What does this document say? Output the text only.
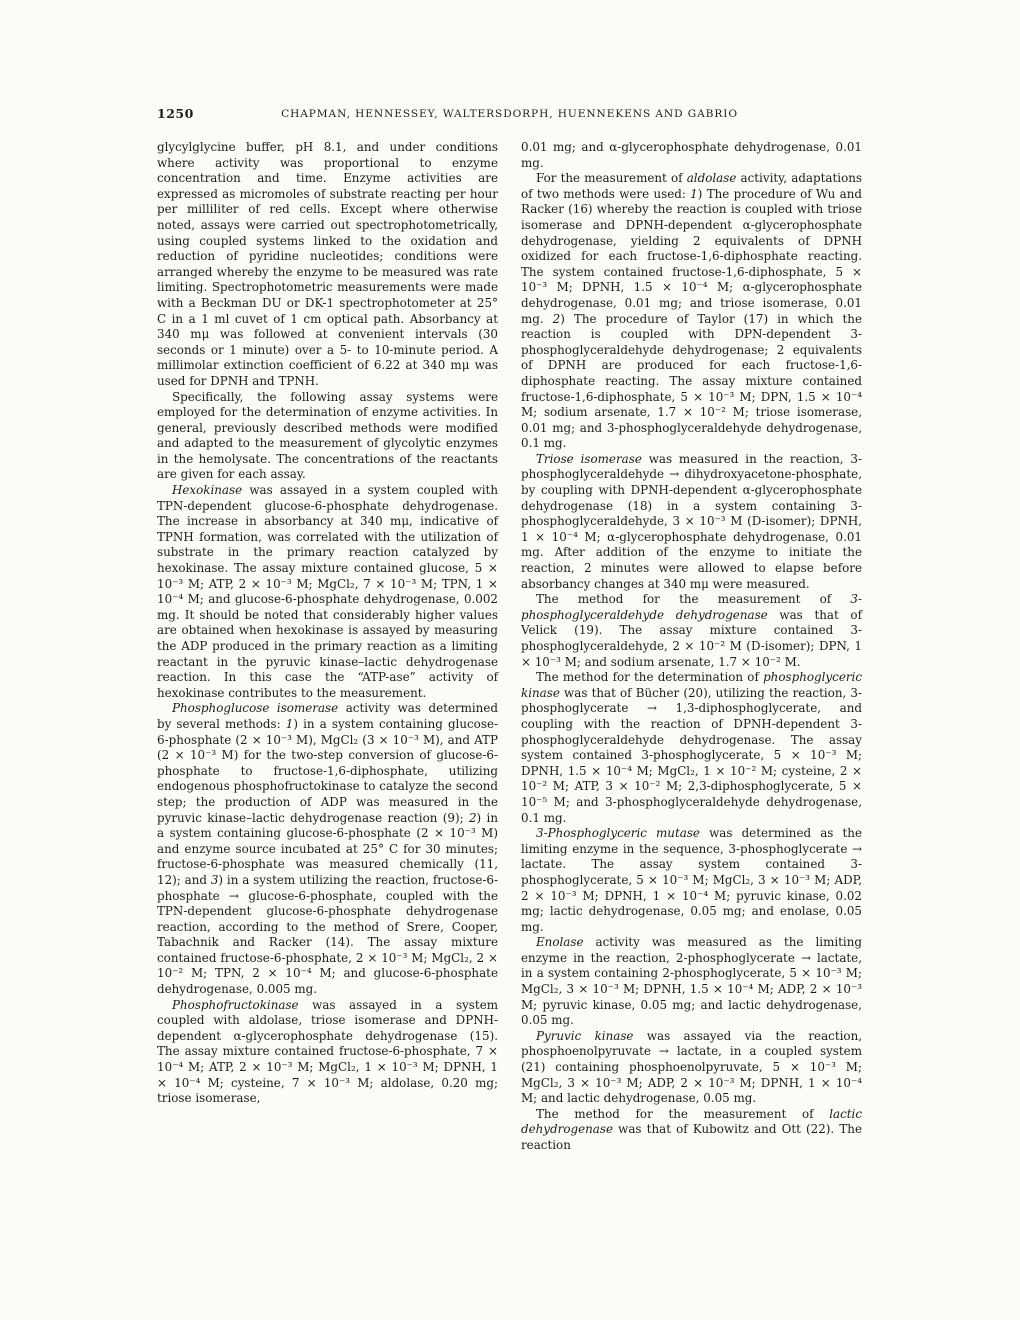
1250	CHAPMAN, HENNESSEY, WALTERSDORPH, HUENNEKENS AND GABRIO

glycylglycine buffer, pH 8.1, and under conditions where activity was proportional to enzyme concentration and time. Enzyme activities are expressed as micromoles of substrate reacting per hour per milliliter of red cells. Except where otherwise noted, assays were carried out spectrophotometrically, using coupled systems linked to the oxidation and reduction of pyridine nucleotides; conditions were arranged whereby the enzyme to be measured was rate limiting. Spectrophotometric measurements were made with a Beckman DU or DK-1 spectrophotometer at 25° C in a 1 ml cuvet of 1 cm optical path. Absorbancy at 340 mμ was followed at convenient intervals (30 seconds or 1 minute) over a 5- to 10-minute period. A millimolar extinction coefficient of 6.22 at 340 mμ was used for DPNH and TPNH.

Specifically, the following assay systems were employed for the determination of enzyme activities. In general, previously described methods were modified and adapted to the measurement of glycolytic enzymes in the hemolysate. The concentrations of the reactants are given for each assay.

Hexokinase was assayed in a system coupled with TPN-dependent glucose-6-phosphate dehydrogenase. The increase in absorbancy at 340 mμ, indicative of TPNH formation, was correlated with the utilization of substrate in the primary reaction catalyzed by hexokinase. The assay mixture contained glucose, 5 × 10⁻³ M; ATP, 2 × 10⁻³ M; MgCl₂, 7 × 10⁻³ M; TPN, 1 × 10⁻⁴ M; and glucose-6-phosphate dehydrogenase, 0.002 mg. It should be noted that considerably higher values are obtained when hexokinase is assayed by measuring the ADP produced in the primary reaction as a limiting reactant in the pyruvic kinase–lactic dehydrogenase reaction. In this case the “ATP-ase” activity of hexokinase contributes to the measurement.

Phosphoglucose isomerase activity was determined by several methods: 1) in a system containing glucose-6-phosphate (2 × 10⁻³ M), MgCl₂ (3 × 10⁻³ M), and ATP (2 × 10⁻³ M) for the two-step conversion of glucose-6-phosphate to fructose-1,6-diphosphate, utilizing endogenous phosphofructokinase to catalyze the second step; the production of ADP was measured in the pyruvic kinase–lactic dehydrogenase reaction (9); 2) in a system containing glucose-6-phosphate (2 × 10⁻³ M) and enzyme source incubated at 25° C for 30 minutes; fructose-6-phosphate was measured chemically (11, 12); and 3) in a system utilizing the reaction, fructose-6-phosphate → glucose-6-phosphate, coupled with the TPN-dependent glucose-6-phosphate dehydrogenase reaction, according to the method of Srere, Cooper, Tabachnik and Racker (14). The assay mixture contained fructose-6-phosphate, 2 × 10⁻³ M; MgCl₂, 2 × 10⁻² M; TPN, 2 × 10⁻⁴ M; and glucose-6-phosphate dehydrogenase, 0.005 mg.

Phosphofructokinase was assayed in a system coupled with aldolase, triose isomerase and DPNH-dependent α-glycerophosphate dehydrogenase (15). The assay mixture contained fructose-6-phosphate, 7 × 10⁻⁴ M; ATP, 2 × 10⁻³ M; MgCl₂, 1 × 10⁻³ M; DPNH, 1 × 10⁻⁴ M; cysteine, 7 × 10⁻³ M; aldolase, 0.20 mg; triose isomerase,

0.01 mg; and α-glycerophosphate dehydrogenase, 0.01 mg.

For the measurement of aldolase activity, adaptations of two methods were used: 1) The procedure of Wu and Racker (16) whereby the reaction is coupled with triose isomerase and DPNH-dependent α-glycerophosphate dehydrogenase, yielding 2 equivalents of DPNH oxidized for each fructose-1,6-diphosphate reacting. The system contained fructose-1,6-diphosphate, 5 × 10⁻³ M; DPNH, 1.5 × 10⁻⁴ M; α-glycerophosphate dehydrogenase, 0.01 mg; and triose isomerase, 0.01 mg. 2) The procedure of Taylor (17) in which the reaction is coupled with DPN-dependent 3-phosphoglyceraldehyde dehydrogenase; 2 equivalents of DPNH are produced for each fructose-1,6-diphosphate reacting. The assay mixture contained fructose-1,6-diphosphate, 5 × 10⁻³ M; DPN, 1.5 × 10⁻⁴ M; sodium arsenate, 1.7 × 10⁻² M; triose isomerase, 0.01 mg; and 3-phosphoglyceraldehyde dehydrogenase, 0.1 mg.

Triose isomerase was measured in the reaction, 3-phosphoglyceraldehyde → dihydroxyacetone-phosphate, by coupling with DPNH-dependent α-glycerophosphate dehydrogenase (18) in a system containing 3-phosphoglyceraldehyde, 3 × 10⁻³ M (D-isomer); DPNH, 1 × 10⁻⁴ M; α-glycerophosphate dehydrogenase, 0.01 mg. After addition of the enzyme to initiate the reaction, 2 minutes were allowed to elapse before absorbancy changes at 340 mμ were measured.

The method for the measurement of 3-phosphoglyceraldehyde dehydrogenase was that of Velick (19). The assay mixture contained 3-phosphoglyceraldehyde, 2 × 10⁻² M (D-isomer); DPN, 1 × 10⁻³ M; and sodium arsenate, 1.7 × 10⁻² M.

The method for the determination of phosphoglyceric kinase was that of Bücher (20), utilizing the reaction, 3-phosphoglycerate → 1,3-diphosphoglycerate, and coupling with the reaction of DPNH-dependent 3-phosphoglyceraldehyde dehydrogenase. The assay system contained 3-phosphoglycerate, 5 × 10⁻³ M; DPNH, 1.5 × 10⁻⁴ M; MgCl₂, 1 × 10⁻² M; cysteine, 2 × 10⁻² M; ATP, 3 × 10⁻² M; 2,3-diphosphoglycerate, 5 × 10⁻⁵ M; and 3-phosphoglyceraldehyde dehydrogenase, 0.1 mg.

3-Phosphoglyceric mutase was determined as the limiting enzyme in the sequence, 3-phosphoglycerate → lactate. The assay system contained 3-phosphoglycerate, 5 × 10⁻³ M; MgCl₂, 3 × 10⁻³ M; ADP, 2 × 10⁻³ M; DPNH, 1 × 10⁻⁴ M; pyruvic kinase, 0.02 mg; lactic dehydrogenase, 0.05 mg; and enolase, 0.05 mg.

Enolase activity was measured as the limiting enzyme in the reaction, 2-phosphoglycerate → lactate, in a system containing 2-phosphoglycerate, 5 × 10⁻³ M; MgCl₂, 3 × 10⁻³ M; DPNH, 1.5 × 10⁻⁴ M; ADP, 2 × 10⁻³ M; pyruvic kinase, 0.05 mg; and lactic dehydrogenase, 0.05 mg.

Pyruvic kinase was assayed via the reaction, phosphoenolpyruvate → lactate, in a coupled system (21) containing phosphoenolpyruvate, 5 × 10⁻³ M; MgCl₂, 3 × 10⁻³ M; ADP, 2 × 10⁻³ M; DPNH, 1 × 10⁻⁴ M; and lactic dehydrogenase, 0.05 mg.

The method for the measurement of lactic dehydrogenase was that of Kubowitz and Ott (22). The reaction
